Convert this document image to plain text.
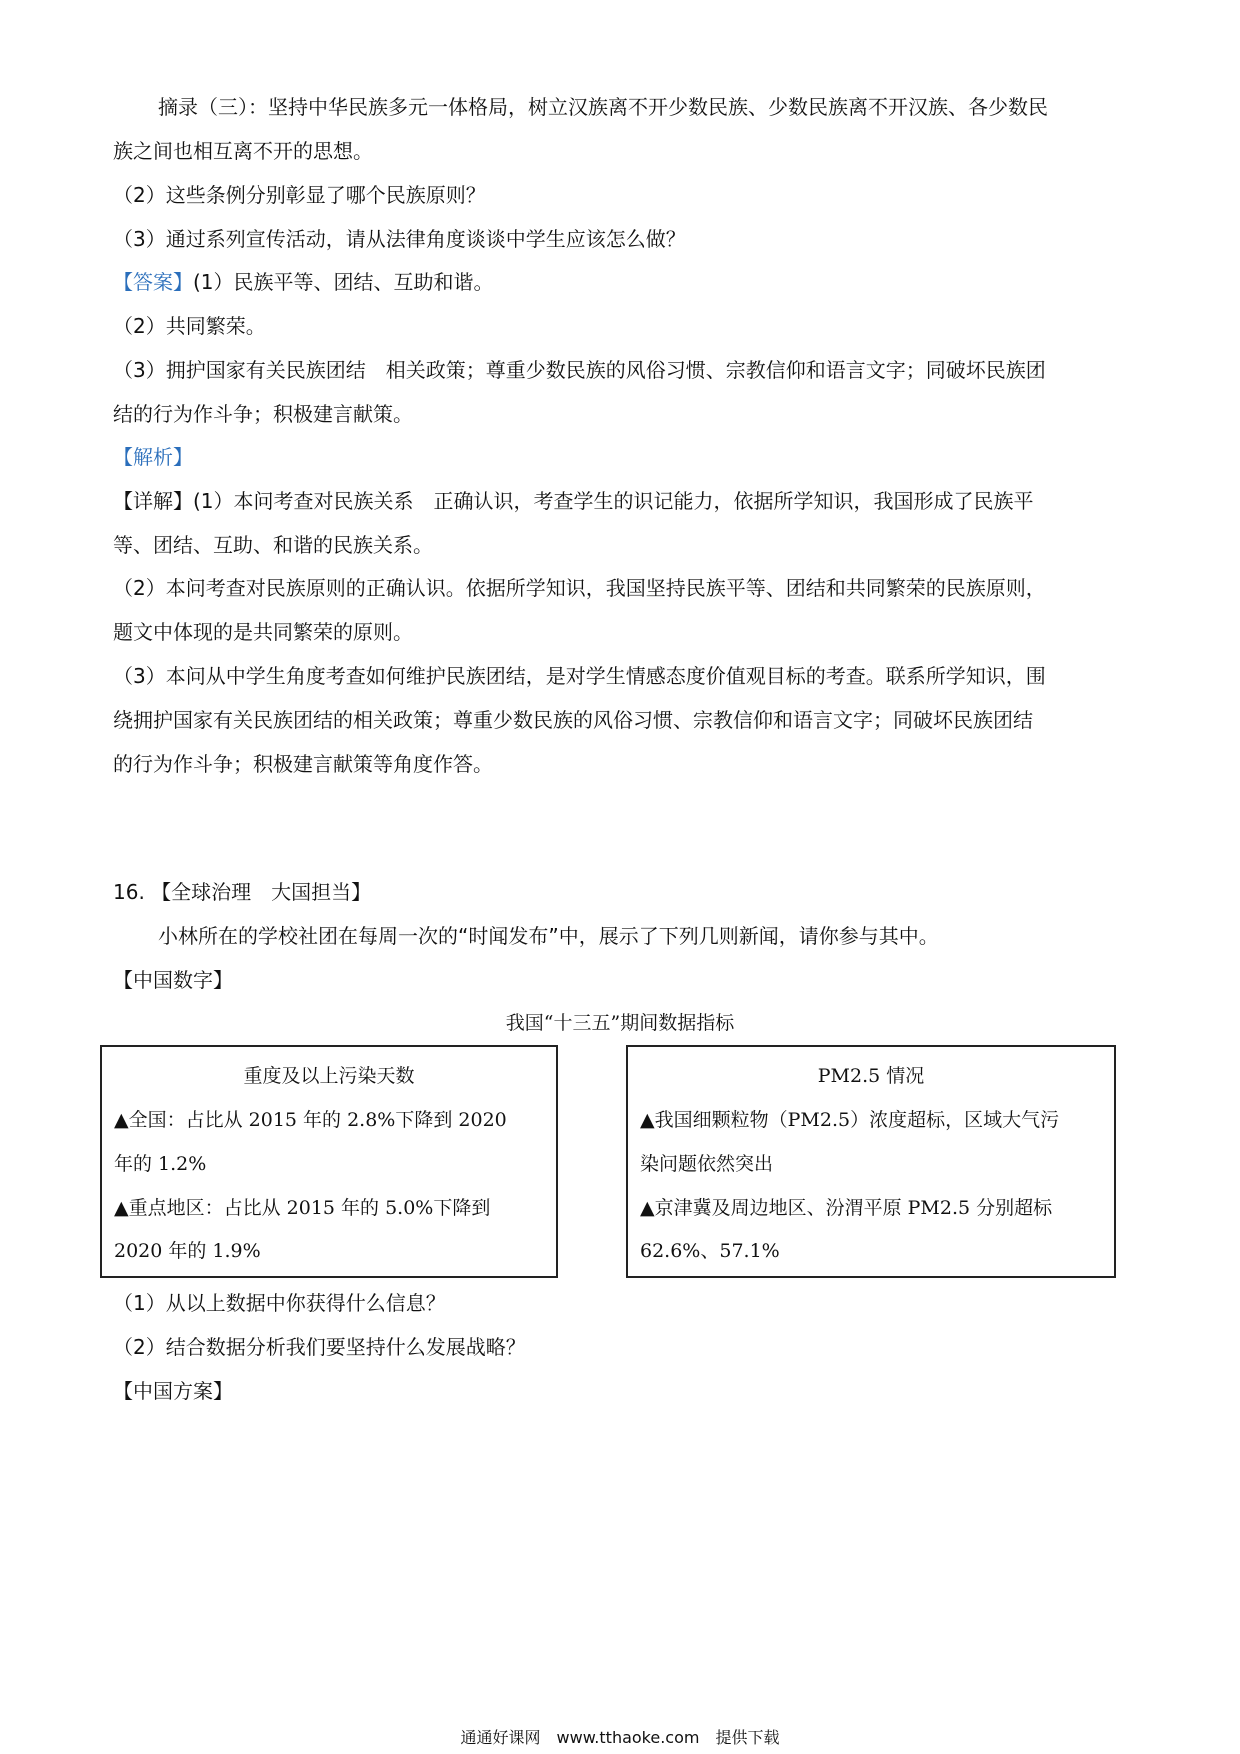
摘录（三）：坚持中华民族多元一体格局，树立汉族离不开少数民族、少数民族离不开汉族、各少数民
族之间也相互离不开的思想。
（2）这些条例分别彰显了哪个民族原则？
（3）通过系列宣传活动，请从法律角度谈谈中学生应该怎么做？
【答案】(1）民族平等、团结、互助和谐。
（2）共同繁荣。
（3）拥护国家有关民族团结　相关政策；尊重少数民族的风俗习惯、宗教信仰和语言文字；同破坏民族团
结的行为作斗争；积极建言献策。
【解析】
【详解】(1）本问考查对民族关系　正确认识，考查学生的识记能力，依据所学知识，我国形成了民族平
等、团结、互助、和谐的民族关系。
（2）本问考查对民族原则的正确认识。依据所学知识，我国坚持民族平等、团结和共同繁荣的民族原则，
题文中体现的是共同繁荣的原则。
（3）本问从中学生角度考查如何维护民族团结，是对学生情感态度价值观目标的考查。联系所学知识，围
绕拥护国家有关民族团结的相关政策；尊重少数民族的风俗习惯、宗教信仰和语言文字；同破坏民族团结
的行为作斗争；积极建言献策等角度作答。
16. 【全球治理　大国担当】
小林所在的学校社团在每周一次的“时闻发布”中，展示了下列几则新闻，请你参与其中。
【中国数字】
我国“十三五”期间数据指标
重度及以上污染天数
▲全国：占比从 2015 年的 2.8%下降到 2020
年的 1.2%
▲重点地区：占比从 2015 年的 5.0%下降到
2020 年的 1.9%
PM2.5 情况
▲我国细颗粒物（PM2.5）浓度超标，区域大气污
染问题依然突出
▲京津冀及周边地区、汾渭平原 PM2.5 分别超标
62.6%、57.1%
（1）从以上数据中你获得什么信息？
（2）结合数据分析我们要坚持什么发展战略？
【中国方案】
通通好课网　www.tthaoke.com　提供下载
